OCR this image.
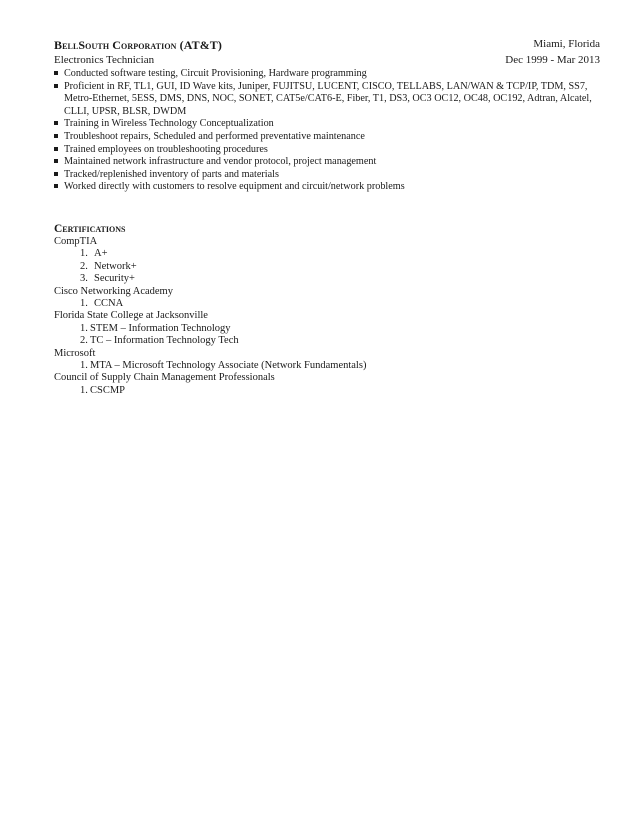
BellSouth Corporation (AT&T)	Miami, Florida
Electronics Technician	Dec 1999 - Mar 2013
Conducted software testing, Circuit Provisioning, Hardware programming
Proficient in RF, TL1, GUI, ID Wave kits, Juniper, FUJITSU, LUCENT, CISCO, TELLABS, LAN/WAN & TCP/IP, TDM, SS7, Metro-Ethernet, 5ESS, DMS, DNS, NOC, SONET, CAT5e/CAT6-E, Fiber, T1, DS3, OC3 OC12, OC48, OC192, Adtran, Alcatel, CLLI, UPSR, BLSR, DWDM
Training in Wireless Technology Conceptualization
Troubleshoot repairs, Scheduled and performed preventative maintenance
Trained employees on troubleshooting procedures
Maintained network infrastructure and vendor protocol, project management
Tracked/replenished inventory of parts and materials
Worked directly with customers to resolve equipment and circuit/network problems
Certifications
CompTIA
1. A+
2. Network+
3. Security+
Cisco Networking Academy
1. CCNA
Florida State College at Jacksonville
1. STEM – Information Technology
2. TC – Information Technology Tech
Microsoft
1. MTA – Microsoft Technology Associate (Network Fundamentals)
Council of Supply Chain Management Professionals
1. CSCMP
